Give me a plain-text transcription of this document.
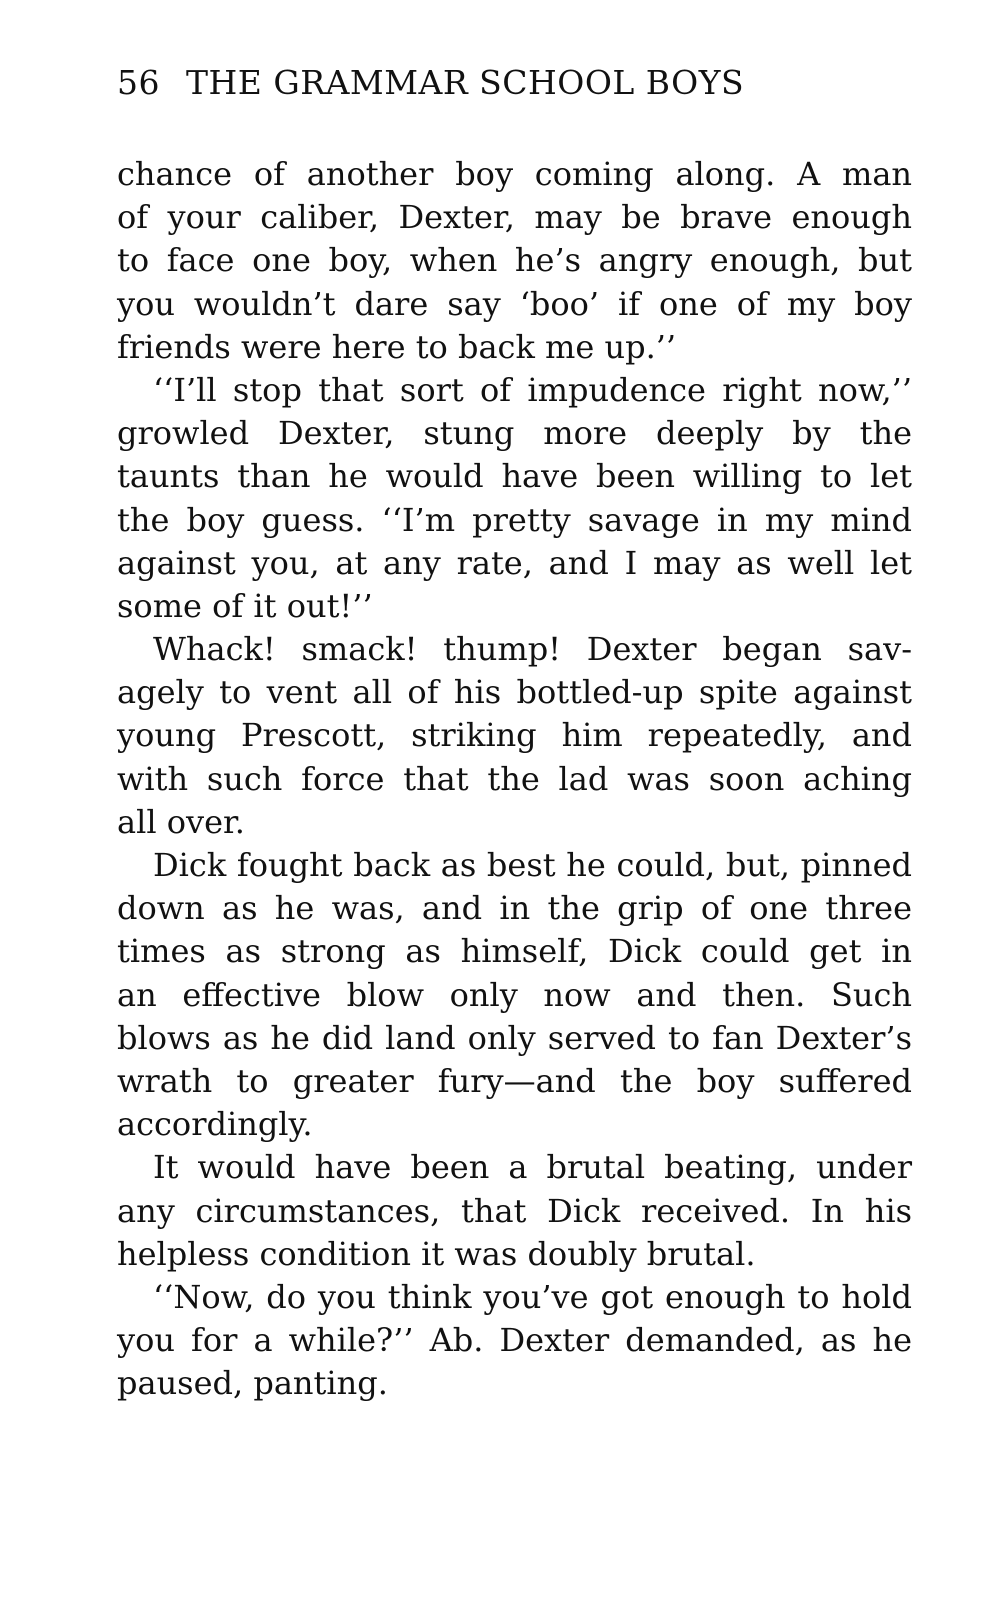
56 THE GRAMMAR SCHOOL BOYS
chance of another boy coming along. A man
of your caliber, Dexter, may be brave enough
to face one boy, when he’s angry enough, but
you wouldn’t dare say ‘boo’ if one of my boy
friends were here to back me up.’’
‘‘I’ll stop that sort of impudence right now,’’
growled Dexter, stung more deeply by the
taunts than he would have been willing to let
the boy guess. ‘‘I’m pretty savage in my mind
against you, at any rate, and I may as well let
some of it out!’’
Whack! smack! thump! Dexter began sav-
agely to vent all of his bottled-up spite against
young Prescott, striking him repeatedly, and
with such force that the lad was soon aching
all over.
Dick fought back as best he could, but, pinned
down as he was, and in the grip of one three
times as strong as himself, Dick could get in
an effective blow only now and then. Such
blows as he did land only served to fan Dexter’s
wrath to greater fury—and the boy suffered
accordingly.
It would have been a brutal beating, under
any circumstances, that Dick received. In his
helpless condition it was doubly brutal.
‘‘Now, do you think you’ve got enough to hold
you for a while?’’ Ab. Dexter demanded, as he
paused, panting.
